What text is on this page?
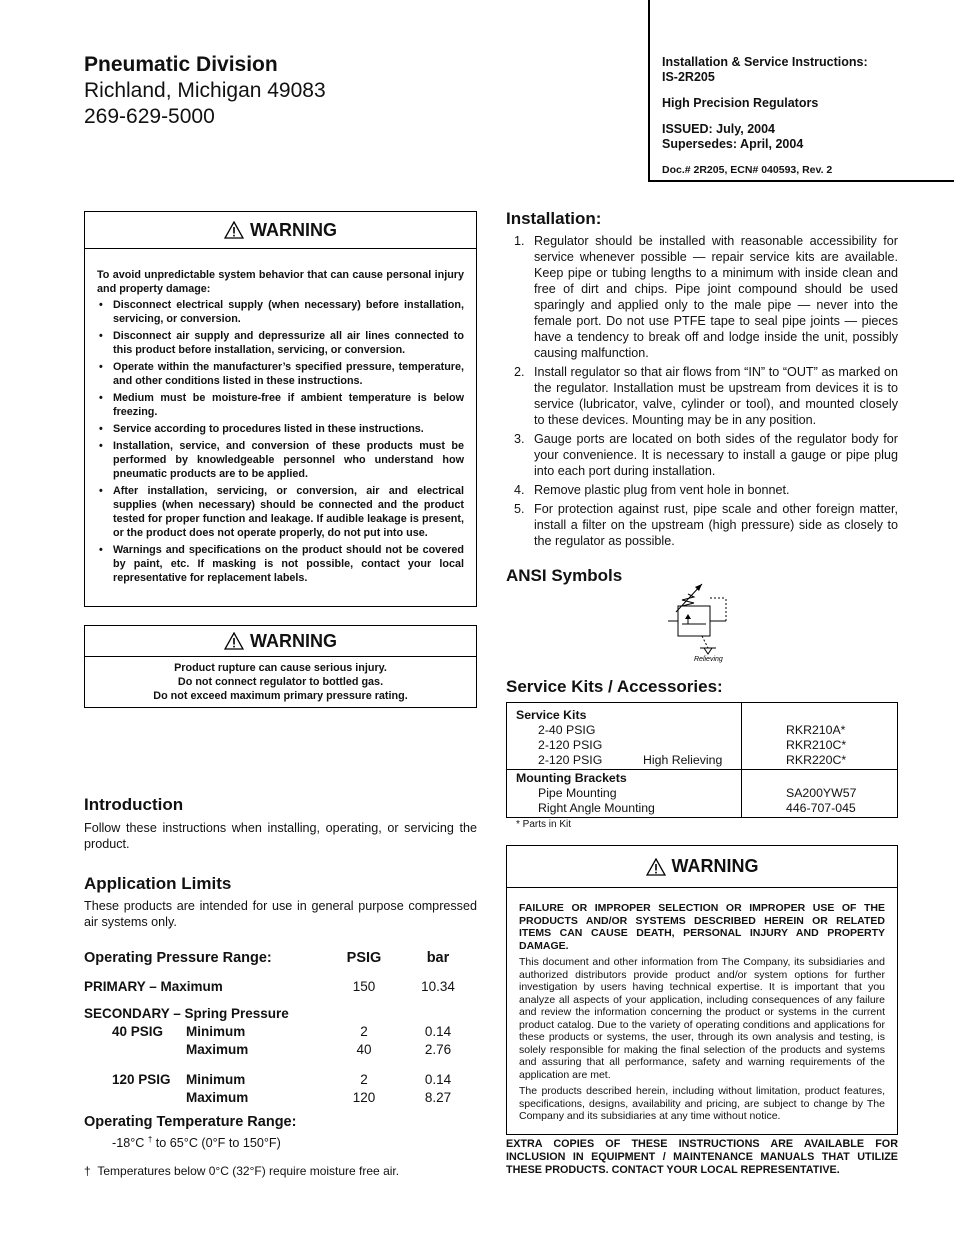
Pneumatic Division
Richland, Michigan 49083
269-629-5000
Installation & Service Instructions:
IS-2R205
High Precision Regulators
ISSUED: July, 2004
Supersedes: April, 2004
Doc.# 2R205, ECN# 040593, Rev. 2
WARNING
To avoid unpredictable system behavior that can cause personal injury and property damage:
• Disconnect electrical supply (when necessary) before installation, servicing, or conversion.
• Disconnect air supply and depressurize all air lines connected to this product before installation, servicing, or conversion.
• Operate within the manufacturer’s specified pressure, temperature, and other conditions listed in these instructions.
• Medium must be moisture-free if ambient temperature is below freezing.
• Service according to procedures listed in these instructions.
• Installation, service, and conversion of these products must be performed by knowledgeable personnel who understand how pneumatic products are to be applied.
• After installation, servicing, or conversion, air and electrical supplies (when necessary) should be connected and the product tested for proper function and leakage. If audible leakage is present, or the product does not operate properly, do not put into use.
• Warnings and specifications on the product should not be covered by paint, etc. If masking is not possible, contact your local representative for replacement labels.
WARNING
Product rupture can cause serious injury.
Do not connect regulator to bottled gas.
Do not exceed maximum primary pressure rating.
Introduction
Follow these instructions when installing, operating, or servicing the product.
Application Limits
These products are intended for use in general purpose compressed air systems only.
Operating Pressure Range:	PSIG	bar
PRIMARY – Maximum	150	10.34
SECONDARY – Spring Pressure
40 PSIG Minimum	2	0.14
Maximum	40	2.76
120 PSIG Minimum	2	0.14
Maximum	120	8.27
Operating Temperature Range:
-18°C † to 65°C (0°F to 150°F)
† Temperatures below 0°C (32°F) require moisture free air.
Installation:
1. Regulator should be installed with reasonable accessibility for service whenever possible — repair service kits are available. Keep pipe or tubing lengths to a minimum with inside clean and free of dirt and chips. Pipe joint compound should be used sparingly and applied only to the male pipe — never into the female port. Do not use PTFE tape to seal pipe joints — pieces have a tendency to break off and lodge inside the unit, possibly causing malfunction.
2. Install regulator so that air flows from “IN” to “OUT” as marked on the regulator. Installation must be upstream from devices it is to service (lubricator, valve, cylinder or tool), and mounted closely to these devices. Mounting may be in any position.
3. Gauge ports are located on both sides of the regulator body for your convenience. It is necessary to install a gauge or pipe plug into each port during installation.
4. Remove plastic plug from vent hole in bonnet.
5. For protection against rust, pipe scale and other foreign matter, install a filter on the upstream (high pressure) side as closely to the regulator as possible.
ANSI Symbols
Relieving
Service Kits / Accessories:
Service Kits
2-40 PSIG	RKR210A*
2-120 PSIG	RKR210C*
2-120 PSIG	High Relieving	RKR220C*
Mounting Brackets
Pipe Mounting	SA200YW57
Right Angle Mounting	446-707-045
* Parts in Kit
WARNING
FAILURE OR IMPROPER SELECTION OR IMPROPER USE OF THE PRODUCTS AND/OR SYSTEMS DESCRIBED HEREIN OR RELATED ITEMS CAN CAUSE DEATH, PERSONAL INJURY AND PROPERTY DAMAGE.
This document and other information from The Company, its subsidiaries and authorized distributors provide product and/or system options for further investigation by users having technical expertise. It is important that you analyze all aspects of your application, including consequences of any failure and review the information concerning the product or systems in the current product catalog. Due to the variety of operating conditions and applications for these products or systems, the user, through its own analysis and testing, is solely responsible for making the final selection of the products and systems and assuring that all performance, safety and warning requirements of the application are met.
The products described herein, including without limitation, product features, specifications, designs, availability and pricing, are subject to change by The Company and its subsidiaries at any time without notice.
EXTRA COPIES OF THESE INSTRUCTIONS ARE AVAILABLE FOR INCLUSION IN EQUIPMENT / MAINTENANCE MANUALS THAT UTILIZE THESE PRODUCTS. CONTACT YOUR LOCAL REPRESENTATIVE.
